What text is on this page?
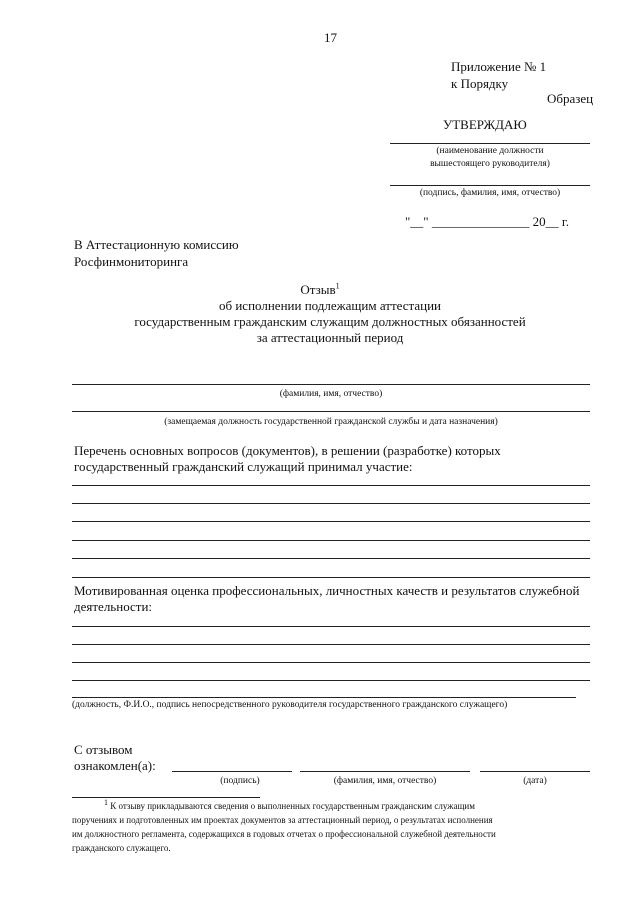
17
Приложение № 1
к Порядку
Образец
УТВЕРЖДАЮ
(наименование должности
вышестоящего руководителя)
(подпись, фамилия, имя, отчество)
"__" _______________ 20__ г.
В Аттестационную комиссию
Росфинмониторинга
Отзыв$^1$
об исполнении подлежащим аттестации
государственным гражданским служащим должностных обязанностей
за аттестационный период
(фамилия, имя, отчество)
(замещаемая должность государственной гражданской службы и дата назначения)
Перечень основных вопросов (документов), в решении (разработке) которых
государственный гражданский служащий принимал участие:
Мотивированная оценка профессиональных, личностных качеств и результатов служебной
деятельности:
(должность, Ф.И.О., подпись непосредственного руководителя государственного гражданского служащего)
С отзывом
ознакомлен(а):
(подпись)	(фамилия, имя, отчество)	(дата)
$^1$ К отзыву прикладываются сведения о выполненных государственным гражданским служащим
поручениях и подготовленных им проектах документов за аттестационный период, о результатах исполнения
им должностного регламента, содержащихся в годовых отчетах о профессиональной служебной деятельности
гражданского служащего.
